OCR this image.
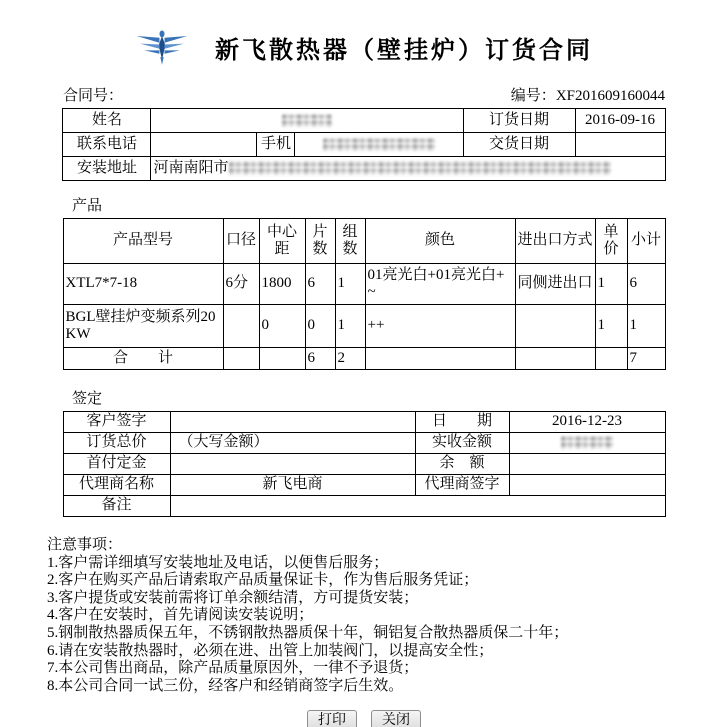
新飞散热器（壁挂炉）订货合同
合同号：	编号：XF201609160044
姓名				订货日期	2016-09-16
联系电话		手机		交货日期	
安装地址	河南南阳市				
产品
产品型号	口径	中心距	片数	组数	颜色	进出口方式	单价	小计
XTL7*7-18	6分	1800	6	1	01亮光白+01亮光白+~	同侧进出口	1	6
BGL壁挂炉变频系列20KW		0	0	1	++		1	1
合　　计			6	2				7
签定
客户签字		日　　期	2016-12-23
订货总价	（大写金额）	实收金额	
首付定金		余　额	
代理商名称	新飞电商	代理商签字	
备注			
注意事项：
1.客户需详细填写安装地址及电话，以便售后服务；
2.客户在购买产品后请索取产品质量保证卡，作为售后服务凭证；
3.客户提货或安装前需将订单余额结清，方可提货安装；
4.客户在安装时，首先请阅读安装说明；
5.钢制散热器质保五年，不锈钢散热器质保十年，铜铝复合散热器质保二十年；
6.请在安装散热器时，必须在进、出管上加装阀门，以提高安全性；
7.本公司售出商品，除产品质量原因外，一律不予退货；
8.本公司合同一试三份，经客户和经销商签字后生效。
打印	关闭
